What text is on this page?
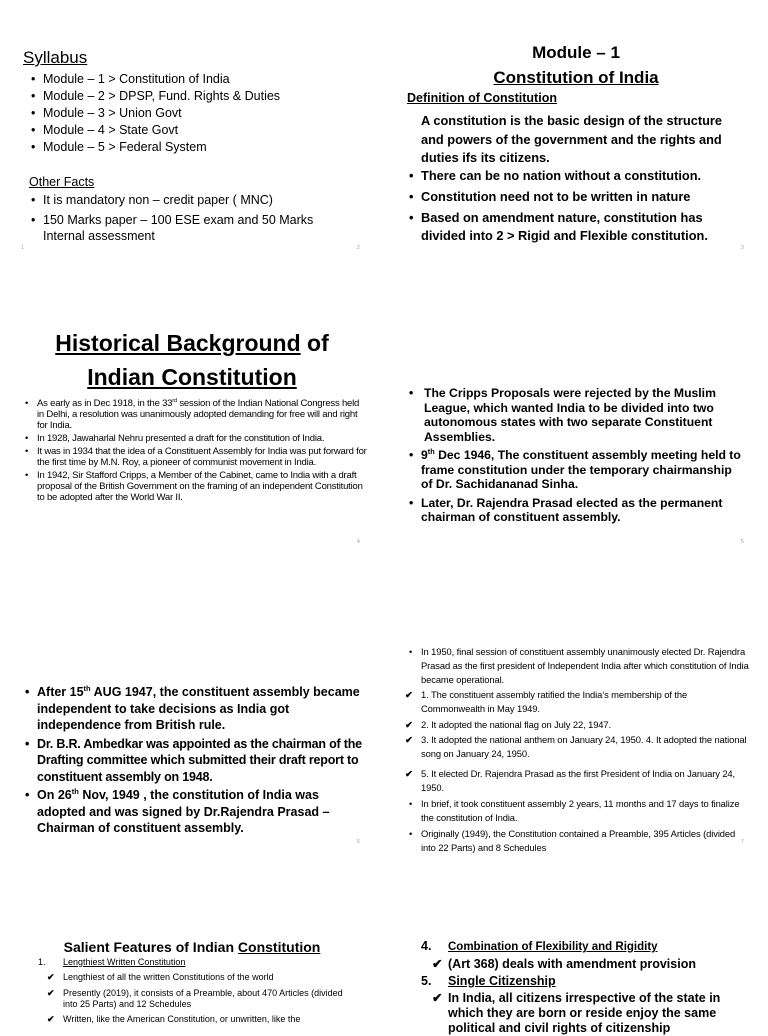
Syllabus
• Module – 1 > Constitution of India
• Module – 2 > DPSP, Fund. Rights & Duties
• Module – 3 > Union Govt
• Module – 4 > State Govt
• Module – 5 > Federal System
Other Facts
• It is mandatory non – credit paper ( MNC)
• 150 Marks paper – 100 ESE exam and 50 Marks Internal assessment
1	2
Module – 1
Constitution of India
Definition of Constitution
A constitution is the basic design of the structure and powers of the government and the rights and duties ifs its citizens.
• There can be no nation without a constitution.
• Constitution need not to be written in nature
• Based on amendment nature, constitution has divided into 2 > Rigid and Flexible constitution.
3
Historical Background of
Indian Constitution
• As early as in Dec 1918, in the 33rd session of the Indian National Congress held in Delhi, a resolution was unanimously adopted demanding for free will and right for India.
• In 1928, Jawaharlal Nehru presented a draft for the constitution of India.
• It was in 1934 that the idea of a Constituent Assembly for India was put forward for the first time by M.N. Roy, a pioneer of communist movement in India.
• In 1942, Sir Stafford Cripps, a Member of the Cabinet, came to India with a draft proposal of the British Government on the framing of an independent Constitution to be adopted after the World War II.
4
• The Cripps Proposals were rejected by the Muslim League, which wanted India to be divided into two autonomous states with two separate Constituent Assemblies.
• 9th Dec 1946, The constituent assembly meeting held to frame constitution under the temporary chairmanship of Dr. Sachidananad Sinha.
• Later, Dr. Rajendra Prasad elected as the permanent chairman of constituent assembly.
5
• After 15th AUG 1947, the constituent assembly became independent to take decisions as India got independence from British rule.
• Dr. B.R. Ambedkar was appointed as the chairman of the Drafting committee which submitted their draft report to constituent assembly on 1948.
• On 26th Nov, 1949 , the constitution of India was adopted and was signed by Dr.Rajendra Prasad – Chairman of constituent assembly.
6
• In 1950, final session of constituent assembly unanimously elected Dr. Rajendra Prasad as the first president of Independent India after which constitution of India became operational.
✔ 1. The constituent assembly ratified the India’s membership of the Commonwealth in May 1949.
✔ 2. It adopted the national flag on July 22, 1947.
✔ 3. It adopted the national anthem on January 24, 1950. 4. It adopted the national song on January 24, 1950.
✔ 5. It elected Dr. Rajendra Prasad as the first President of India on January 24, 1950.
• In brief, it took constituent assembly 2 years, 11 months and 17 days to finalize the constitution of India.
• Originally (1949), the Constitution contained a Preamble, 395 Articles (divided into 22 Parts) and 8 Schedules	7
Salient Features of Indian Constitution
1. Lengthiest Written Constitution
✔ Lengthiest of all the written Constitutions of the world
✔ Presently (2019), it consists of a Preamble, about 470 Articles (divided into 25 Parts) and 12 Schedules
✔ Written, like the American Constitution, or unwritten, like the
4. Combination of Flexibility and Rigidity
✔ (Art 368) deals with amendment provision
5. Single Citizenship
✔ In India, all citizens irrespective of the state in which they are born or reside enjoy the same political and civil rights of citizenship
